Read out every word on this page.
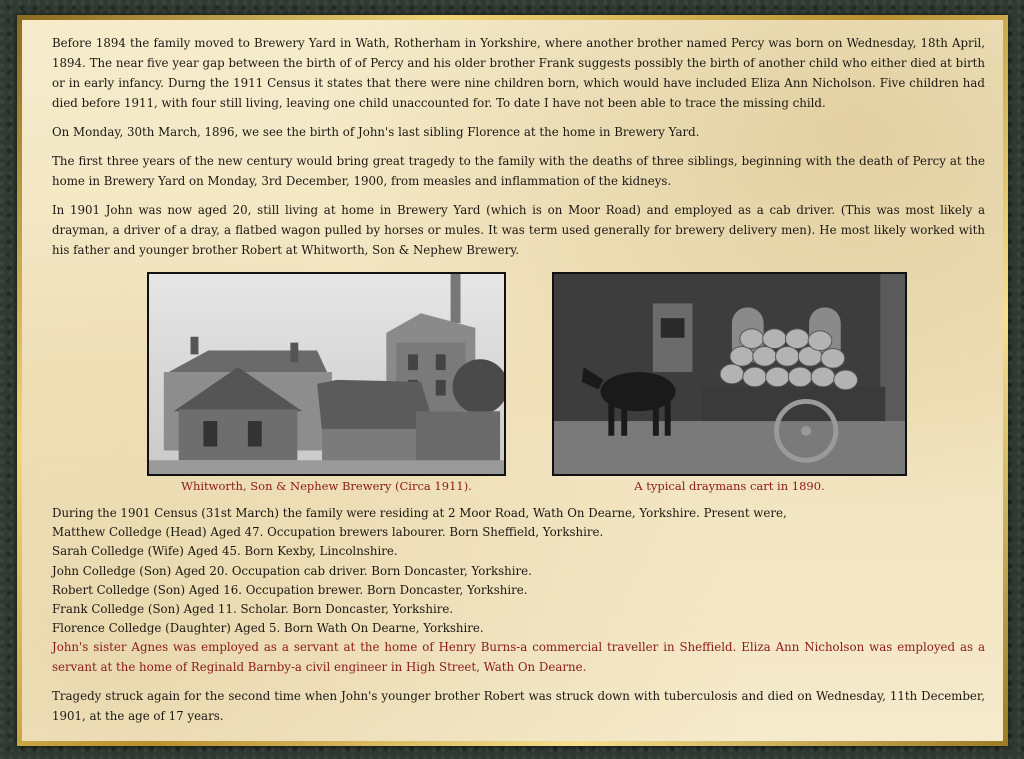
Before 1894 the family moved to Brewery Yard in Wath, Rotherham in Yorkshire, where another brother named Percy was born on Wednesday, 18th April, 1894. The near five year gap between the birth of of Percy and his older brother Frank suggests possibly the birth of another child who either died at birth or in early infancy. Durng the 1911 Census it states that there were nine children born, which would have included Eliza Ann Nicholson. Five children had died before 1911, with four still living, leaving one child unaccounted for. To date I have not been able to trace the missing child.

On Monday, 30th March, 1896, we see the birth of John's last sibling Florence at the home in Brewery Yard.

The first three years of the new century would bring great tragedy to the family with the deaths of three siblings, beginning with the death of Percy at the home in Brewery Yard on Monday, 3rd December, 1900, from measles and inflammation of the kidneys.

In 1901 John was now aged 20, still living at home in Brewery Yard (which is on Moor Road) and employed as a cab driver. (This was most likely a drayman, a driver of a dray, a flatbed wagon pulled by horses or mules. It was term used generally for brewery delivery men). He most likely worked with his father and younger brother Robert at Whitworth, Son & Nephew Brewery.

Whitworth, Son & Nephew Brewery (Circa 1911).	A typical draymans cart in 1890.

During the 1901 Census (31st March) the family were residing at 2 Moor Road, Wath On Dearne, Yorkshire. Present were,

Matthew Colledge (Head) Aged 47. Occupation brewers labourer. Born Sheffield, Yorkshire.

Sarah Colledge (Wife) Aged 45. Born Kexby, Lincolnshire.

John Colledge (Son) Aged 20. Occupation cab driver. Born Doncaster, Yorkshire.

Robert Colledge (Son) Aged 16. Occupation brewer. Born Doncaster, Yorkshire.

Frank Colledge (Son) Aged 11. Scholar. Born Doncaster, Yorkshire.

Florence Colledge (Daughter) Aged 5. Born Wath On Dearne, Yorkshire.

John's sister Agnes was employed as a servant at the home of Henry Burns-a commercial traveller in Sheffield. Eliza Ann Nicholson was employed as a servant at the home of Reginald Barnby-a civil engineer in High Street, Wath On Dearne.

Tragedy struck again for the second time when John's younger brother Robert was struck down with tuberculosis and died on Wednesday, 11th December, 1901, at the age of 17 years.
